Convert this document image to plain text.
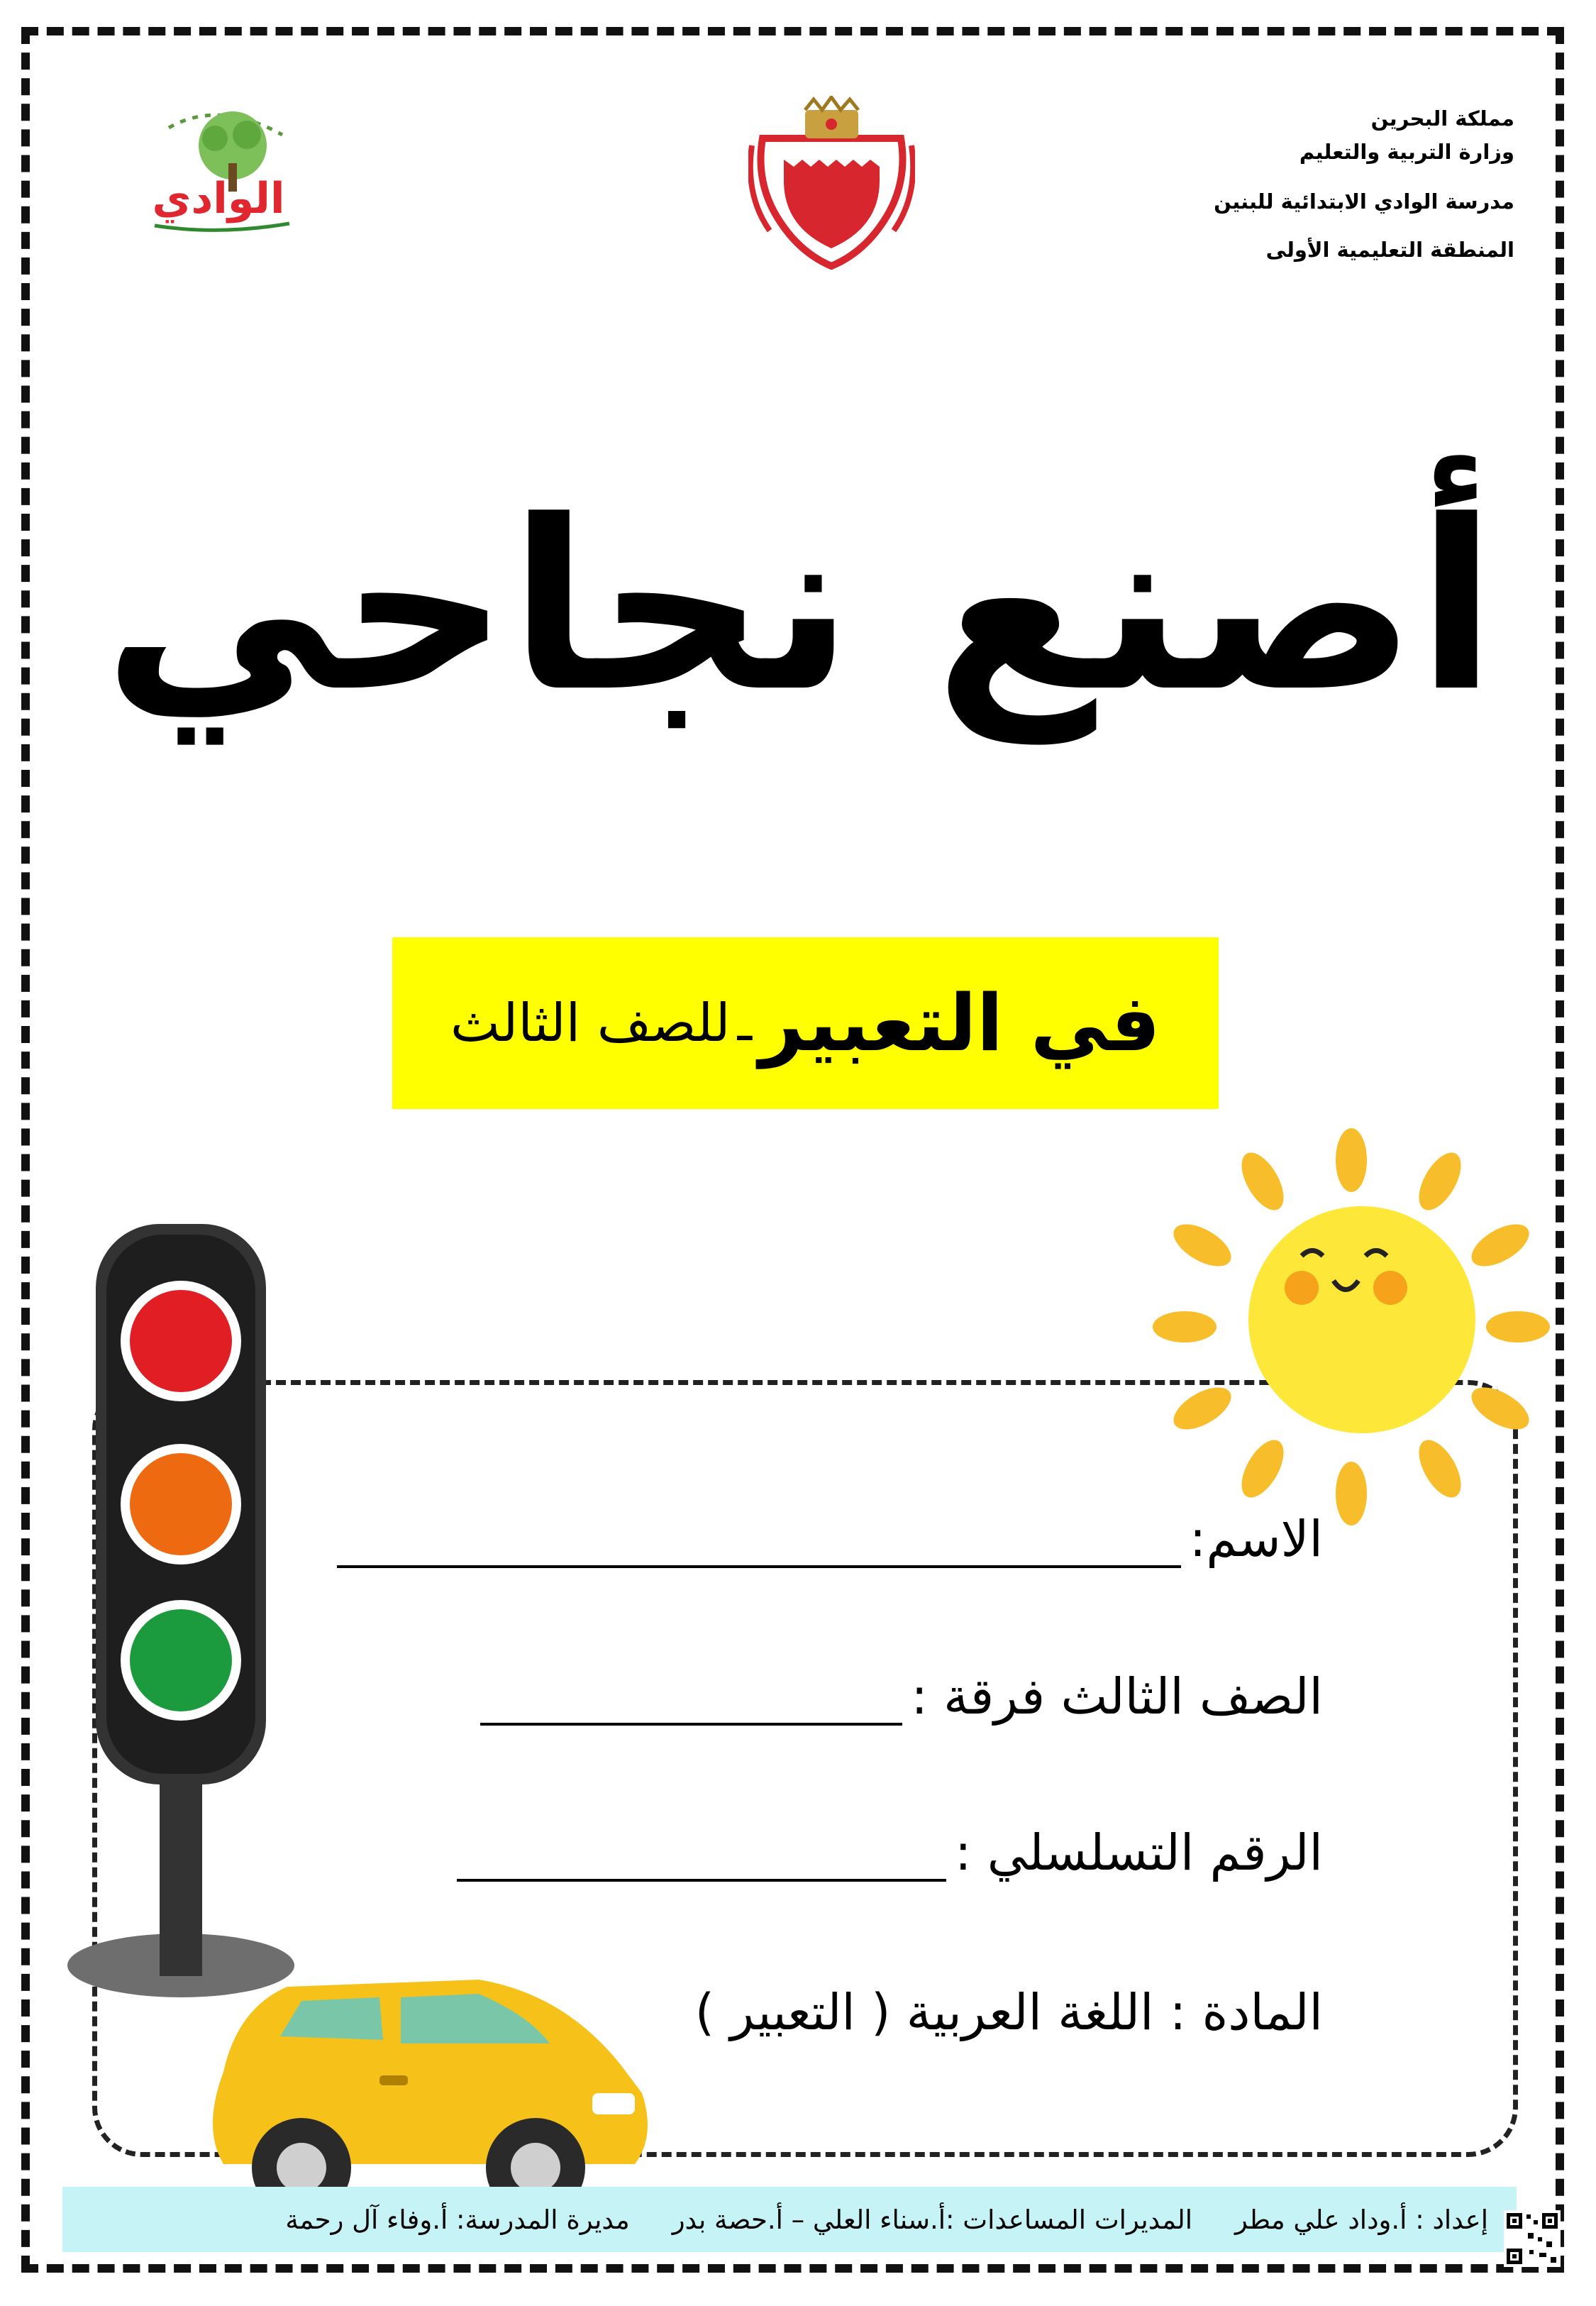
مملكة البحرين
وزارة التربية والتعليم
مدرسة الوادي الابتدائية للبنين
المنطقة التعليمية الأولى
الوادي
أصنع نجاحي
في التعبير
ـ
للصف الثالث
الاسم:
الصف الثالث فرقة :
الرقم التسلسلي :
المادة : اللغة العربية ( التعبير )
إعداد : أ.وداد علي مطر
المديرات المساعدات :أ.سناء العلي – أ.حصة بدر
مديرة المدرسة: أ.وفاء آل رحمة
